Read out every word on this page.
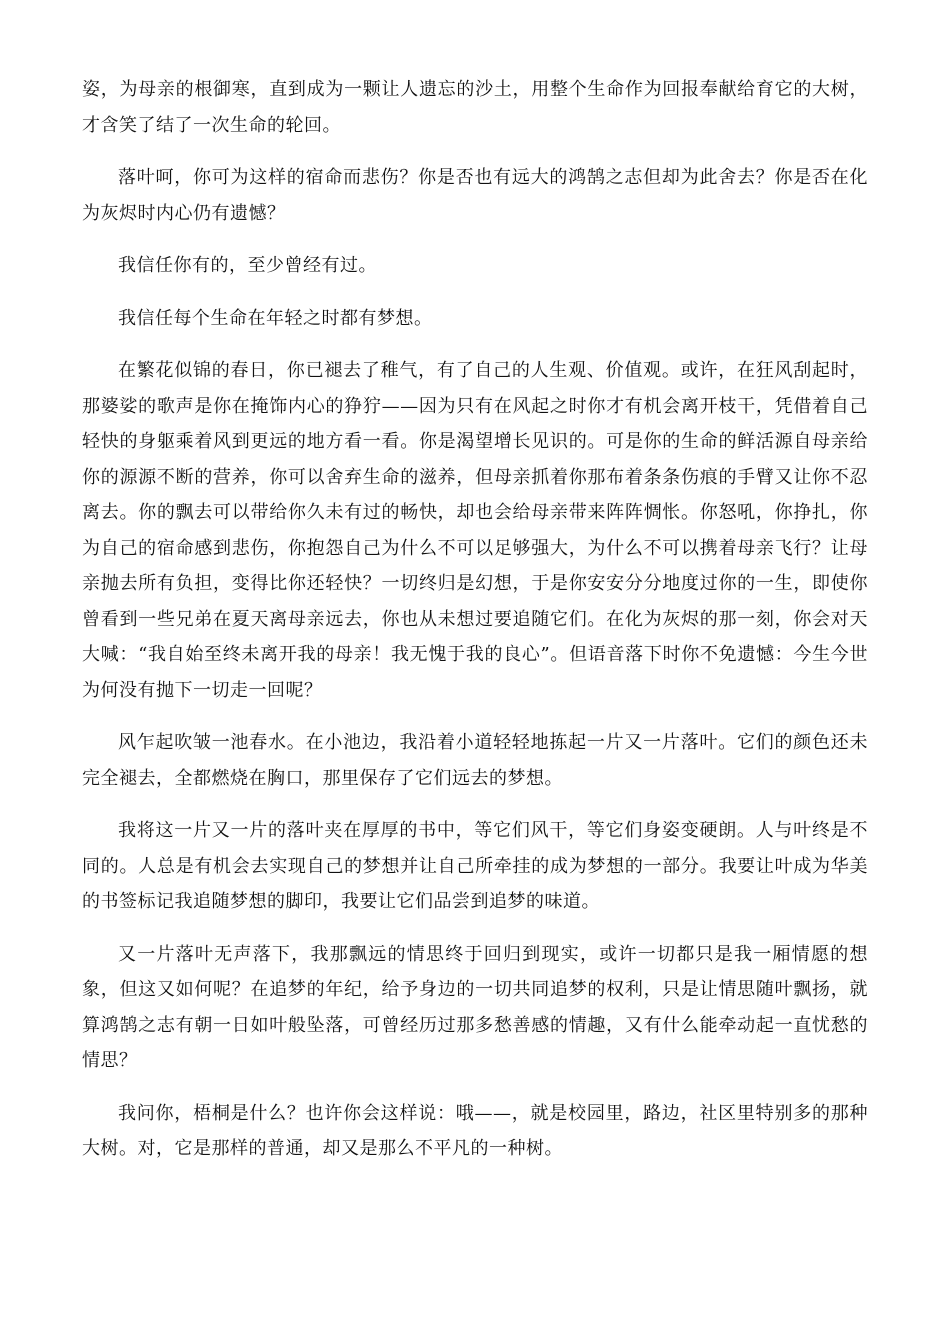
姿，为母亲的根御寒，直到成为一颗让人遗忘的沙土，用整个生命作为回报奉献给育它的大树，才含笑了结了一次生命的轮回。

落叶呵，你可为这样的宿命而悲伤？你是否也有远大的鸿鹄之志但却为此舍去？你是否在化为灰烬时内心仍有遗憾？

我信任你有的，至少曾经有过。

我信任每个生命在年轻之时都有梦想。

在繁花似锦的春日，你已褪去了稚气，有了自己的人生观、价值观。或许，在狂风刮起时，那婆娑的歌声是你在掩饰内心的狰狞——因为只有在风起之时你才有机会离开枝干，凭借着自己轻快的身躯乘着风到更远的地方看一看。你是渴望增长见识的。可是你的生命的鲜活源自母亲给你的源源不断的营养，你可以舍弃生命的滋养，但母亲抓着你那布着条条伤痕的手臂又让你不忍离去。你的飘去可以带给你久未有过的畅快，却也会给母亲带来阵阵惆怅。你怒吼，你挣扎，你为自己的宿命感到悲伤，你抱怨自己为什么不可以足够强大，为什么不可以携着母亲飞行？让母亲抛去所有负担，变得比你还轻快？一切终归是幻想，于是你安安分分地度过你的一生，即使你曾看到一些兄弟在夏天离母亲远去，你也从未想过要追随它们。在化为灰烬的那一刻，你会对天大喊：“我自始至终未离开我的母亲！我无愧于我的良心”。但语音落下时你不免遗憾：今生今世为何没有抛下一切走一回呢？

风乍起吹皱一池春水。在小池边，我沿着小道轻轻地拣起一片又一片落叶。它们的颜色还未完全褪去，全都燃烧在胸口，那里保存了它们远去的梦想。

我将这一片又一片的落叶夹在厚厚的书中，等它们风干，等它们身姿变硬朗。人与叶终是不同的。人总是有机会去实现自己的梦想并让自己所牵挂的成为梦想的一部分。我要让叶成为华美的书签标记我追随梦想的脚印，我要让它们品尝到追梦的味道。

又一片落叶无声落下，我那飘远的情思终于回归到现实，或许一切都只是我一厢情愿的想象，但这又如何呢？在追梦的年纪，给予身边的一切共同追梦的权利，只是让情思随叶飘扬，就算鸿鹄之志有朝一日如叶般坠落，可曾经历过那多愁善感的情趣，又有什么能牵动起一直忧愁的情思？

我问你，梧桐是什么？也许你会这样说：哦——，就是校园里，路边，社区里特别多的那种大树。对，它是那样的普通，却又是那么不平凡的一种树。
